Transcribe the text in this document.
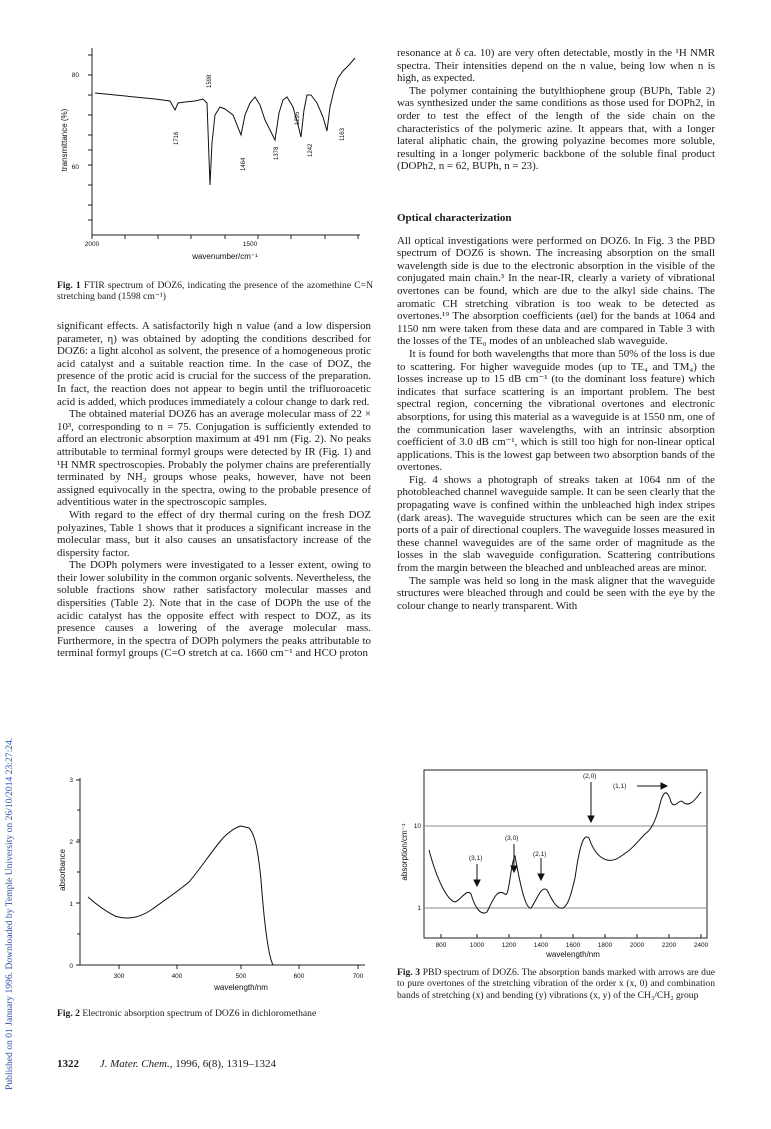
Published on 01 January 1996. Downloaded by Temple University on 26/10/2014 23:27:24.
80
60
2000	1500
wavenumber/cm⁻¹
transmittance (%)	1716
1598
1464
1378
1295
1242
1163
Fig. 1 FTIR spectrum of DOZ6, indicating the presence of the azomethine C=N stretching band (1598 cm⁻¹)

significant effects. A satisfactorily high n value (and a low dispersion parameter, η) was obtained by adopting the conditions described for DOZ6: a light alcohol as solvent, the presence of a homogeneous protic acid catalyst and a suitable reaction time. In the case of DOZ, the presence of the protic acid is crucial for the success of the preparation. In fact, the reaction does not appear to begin until the trifluoroacetic acid is added, which produces immediately a colour change to dark red.

The obtained material DOZ6 has an average molecular mass of 22 × 10³, corresponding to n = 75. Conjugation is sufficiently extended to afford an electronic absorption maximum at 491 nm (Fig. 2). No peaks attributable to terminal formyl groups were detected by IR (Fig. 1) and ¹H NMR spectroscopies. Probably the polymer chains are preferentially terminated by NH₂ groups whose peaks, however, have not been assigned equivocally in the spectra, owing to the probable presence of adventitious water in the spectroscopic samples.

With regard to the effect of dry thermal curing on the fresh DOZ polyazines, Table 1 shows that it produces a significant increase in the molecular mass, but it also causes an unsatisfactory increase of the dispersity factor.

The DOPh polymers were investigated to a lesser extent, owing to their lower solubility in the common organic solvents. Nevertheless, the soluble fractions show rather satisfactory molecular masses and dispersities (Table 2). Note that in the case of DOPh the use of the acidic catalyst has the opposite effect with respect to DOZ, as its presence causes a lowering of the average molecular mass. Furthermore, in the spectra of DOPh polymers the peaks attributable to terminal formyl groups (C=O stretch at ca. 1660 cm⁻¹ and HCO proton

resonance at δ ca. 10) are very often detectable, mostly in the ¹H NMR spectra. Their intensities depend on the n value, being low when n is high, as expected.

The polymer containing the butylthiophene group (BUPh, Table 2) was synthesized under the same conditions as those used for DOPh2, in order to test the effect of the length of the side chain on the characteristics of the polymeric azine. It appears that, with a longer lateral aliphatic chain, the growing polyazine becomes more soluble, resulting in a longer polymeric backbone of the soluble final product (DOPh2, n = 62, BUPh, n = 23).

Optical characterization

All optical investigations were performed on DOZ6. In Fig. 3 the PBD spectrum of DOZ6 is shown. The increasing absorption on the small wavelength side is due to the electronic absorption in the visible of the conjugated main chain.³ In the near-IR, clearly a variety of vibrational overtones can be found, which are due to the alkyl side chains. The aromatic CH stretching vibration is too weak to be detected as overtones.¹⁹ The absorption coefficients (αel) for the bands at 1064 and 1150 nm were taken from these data and are compared in Table 3 with the losses of the TE₀ modes of an unbleached slab waveguide.

It is found for both wavelengths that more than 50% of the loss is due to scattering. For higher waveguide modes (up to TE₄ and TM₄) the losses increase up to 15 dB cm⁻¹ (to the dominant loss feature) which indicates that surface scattering is an important problem. The best spectral region, concerning the vibrational overtones and electronic absorptions, for using this material as a waveguide is at 1550 nm, one of the communication laser wavelengths, with an intrinsic absorption coefficient of 3.0 dB cm⁻¹, which is still too high for non-linear optical applications. This is the lowest gap between two absorption bands of the overtones.

Fig. 4 shows a photograph of streaks taken at 1064 nm of the photobleached channel waveguide sample. It can be seen clearly that the propagating wave is confined within the unbleached high index stripes (dark areas). The waveguide structures which can be seen are the exit ports of a pair of directional couplers. The waveguide losses measured in these channel waveguides are of the same order of magnitude as the losses in the slab waveguide configuration. Scattering contributions from the margin between the bleached and unbleached areas are minor.

The sample was held so long in the mask aligner that the waveguide structures were bleached through and could be seen with the eye by the colour change to nearly transparent. With

3
2
1
0
300	400	500	600	700
wavelength/nm
absorbance
Fig. 2 Electronic absorption spectrum of DOZ6 in dichloromethane
(2,0)
(1,1)
(3,0)
(3,1)
(2,1)
10
1
800	1000	1200	1400	1600	1800	2000	2200	2400
wavelength/nm
absorption/cm⁻¹
Fig. 3 PBD spectrum of DOZ6. The absorption bands marked with arrows are due to pure overtones of the stretching vibration of the order x (x, 0) and combination bands of stretching (x) and bending (y) vibrations (x, y) of the CH₃/CH₂ group
1322 J. Mater. Chem., 1996, 6(8), 1319–1324
